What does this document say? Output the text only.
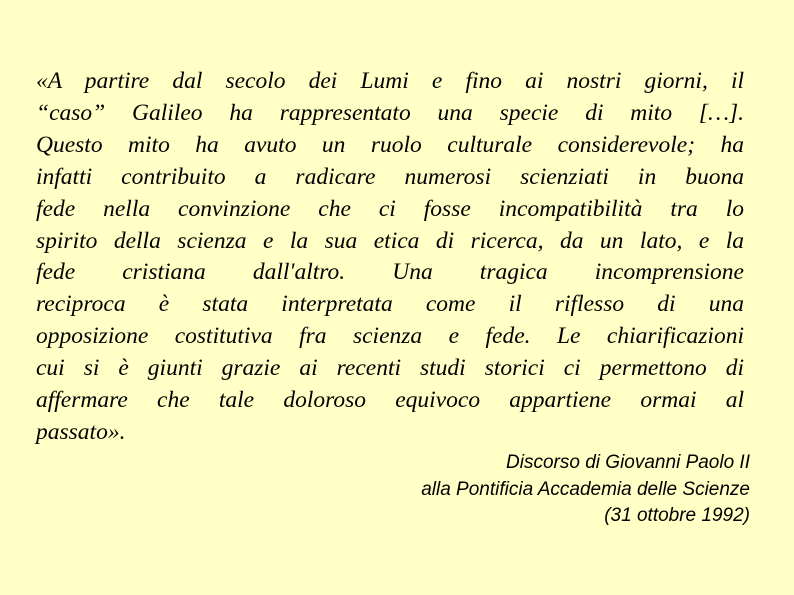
«A partire dal secolo dei Lumi e fino ai nostri giorni, il
“caso” Galileo ha rappresentato una specie di mito […].
Questo mito ha avuto un ruolo culturale considerevole; ha
infatti contribuito a radicare numerosi scienziati in buona
fede nella convinzione che ci fosse incompatibilità tra lo
spirito della scienza e la sua etica di ricerca, da un lato, e la
fede cristiana dall'altro. Una tragica incomprensione
reciproca è stata interpretata come il riflesso di una
opposizione costitutiva fra scienza e fede. Le chiarificazioni
cui si è giunti grazie ai recenti studi storici ci permettono di
affermare che tale doloroso equivoco appartiene ormai al
passato».
Discorso di Giovanni Paolo II
alla Pontificia Accademia delle Scienze
(31 ottobre 1992)
